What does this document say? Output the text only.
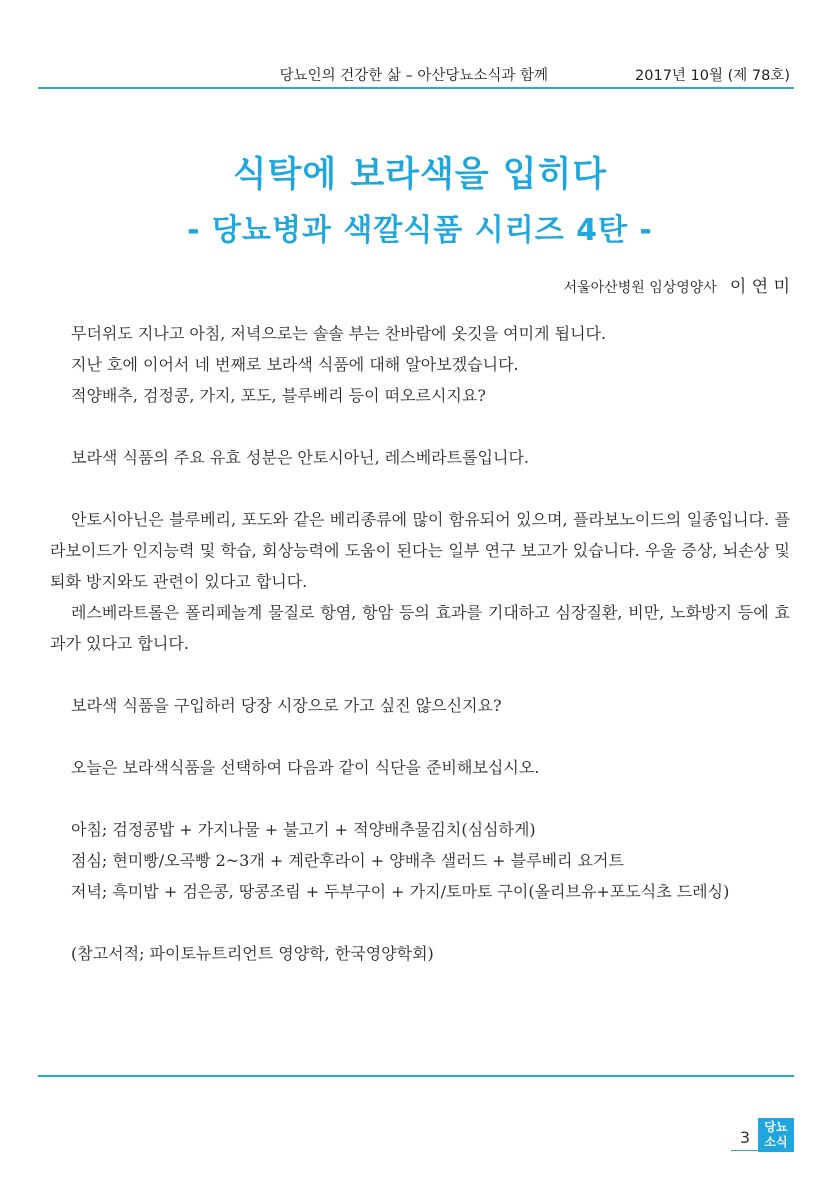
당뇨인의 건강한 삶 – 아산당뇨소식과 함께	2017년 10월 (제 78호)
식탁에 보라색을 입히다
- 당뇨병과 색깔식품 시리즈 4탄 -
서울아산병원 임상영양사 이 연 미

무더위도 지나고 아침, 저녁으로는 솔솔 부는 찬바람에 옷깃을 여미게 됩니다.

지난 호에 이어서 네 번째로 보라색 식품에 대해 알아보겠습니다.

적양배추, 검정콩, 가지, 포도, 블루베리 등이 떠오르시지요?

보라색 식품의 주요 유효 성분은 안토시아닌, 레스베라트롤입니다.

안토시아닌은 블루베리, 포도와 같은 베리종류에 많이 함유되어 있으며, 플라보노이드의 일종입니다. 플라보이드가 인지능력 및 학습, 회상능력에 도움이 된다는 일부 연구 보고가 있습니다. 우울 증상, 뇌손상 및 퇴화 방지와도 관련이 있다고 합니다.

레스베라트롤은 폴리페놀계 물질로 항염, 항암 등의 효과를 기대하고 심장질환, 비만, 노화방지 등에 효과가 있다고 합니다.

보라색 식품을 구입하러 당장 시장으로 가고 싶진 않으신지요?

오늘은 보라색식품을 선택하여 다음과 같이 식단을 준비해보십시오.

아침; 검정콩밥 + 가지나물 + 불고기 + 적양배추물김치(심심하게)

점심; 현미빵/오곡빵 2~3개 + 계란후라이 + 양배추 샐러드 + 블루베리 요거트

저녁; 흑미밥 + 검은콩, 땅콩조림 + 두부구이 + 가지/토마토 구이(올리브유+포도식초 드레싱)

(참고서적; 파이토뉴트리언트 영양학, 한국영양학회)

3
당뇨
소식
